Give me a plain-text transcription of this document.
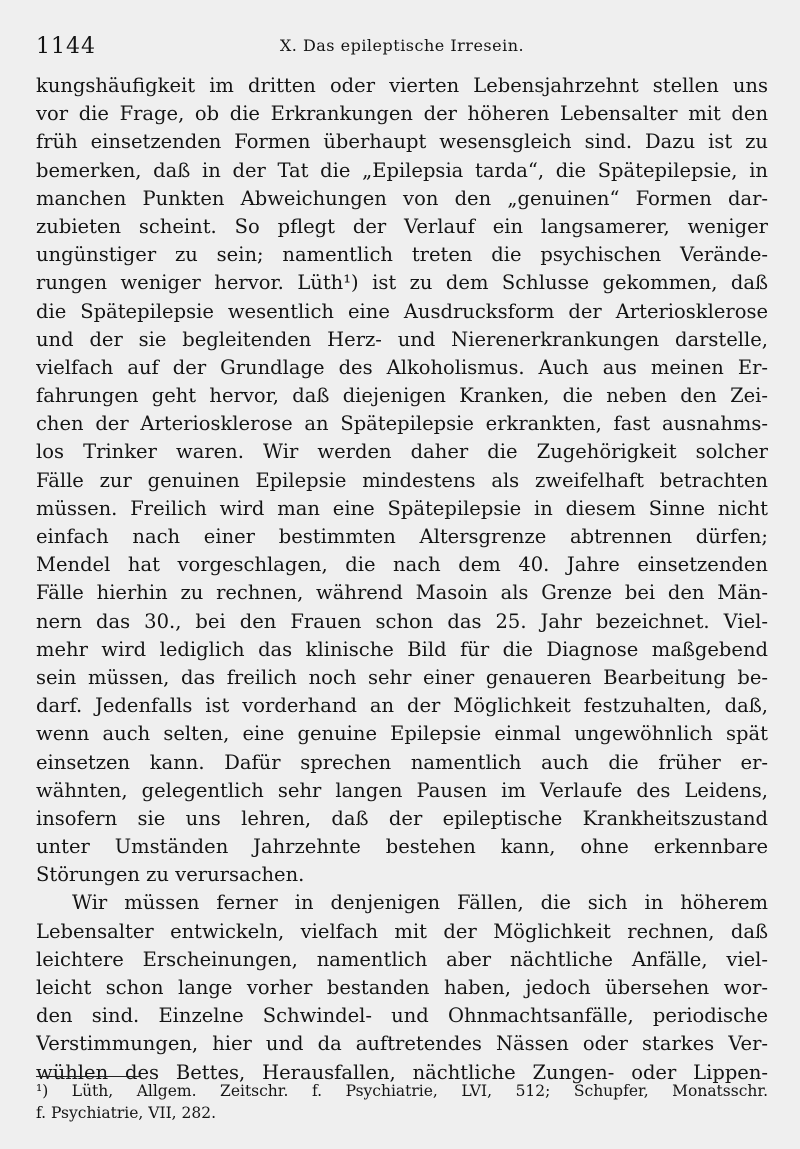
1144	X. Das epileptische Irresein.
kungshäufigkeit im dritten oder vierten Lebensjahrzehnt stellen uns
vor die Frage, ob die Erkrankungen der höheren Lebensalter mit den
früh einsetzenden Formen überhaupt wesensgleich sind. Dazu ist zu
bemerken, daß in der Tat die „Epilepsia tarda“, die Spätepilepsie, in
manchen Punkten Abweichungen von den „genuinen“ Formen dar-
zubieten scheint. So pflegt der Verlauf ein langsamerer, weniger
ungünstiger zu sein; namentlich treten die psychischen Verände-
rungen weniger hervor. Lüth¹) ist zu dem Schlusse gekommen, daß
die Spätepilepsie wesentlich eine Ausdrucksform der Arteriosklerose
und der sie begleitenden Herz- und Nierenerkrankungen darstelle,
vielfach auf der Grundlage des Alkoholismus. Auch aus meinen Er-
fahrungen geht hervor, daß diejenigen Kranken, die neben den Zei-
chen der Arteriosklerose an Spätepilepsie erkrankten, fast ausnahms-
los Trinker waren. Wir werden daher die Zugehörigkeit solcher
Fälle zur genuinen Epilepsie mindestens als zweifelhaft betrachten
müssen. Freilich wird man eine Spätepilepsie in diesem Sinne nicht
einfach nach einer bestimmten Altersgrenze abtrennen dürfen;
Mendel hat vorgeschlagen, die nach dem 40. Jahre einsetzenden
Fälle hierhin zu rechnen, während Masoin als Grenze bei den Män-
nern das 30., bei den Frauen schon das 25. Jahr bezeichnet. Viel-
mehr wird lediglich das klinische Bild für die Diagnose maßgebend
sein müssen, das freilich noch sehr einer genaueren Bearbeitung be-
darf. Jedenfalls ist vorderhand an der Möglichkeit festzuhalten, daß,
wenn auch selten, eine genuine Epilepsie einmal ungewöhnlich spät
einsetzen kann. Dafür sprechen namentlich auch die früher er-
wähnten, gelegentlich sehr langen Pausen im Verlaufe des Leidens,
insofern sie uns lehren, daß der epileptische Krankheitszustand
unter Umständen Jahrzehnte bestehen kann, ohne erkennbare
Störungen zu verursachen.
Wir müssen ferner in denjenigen Fällen, die sich in höherem
Lebensalter entwickeln, vielfach mit der Möglichkeit rechnen, daß
leichtere Erscheinungen, namentlich aber nächtliche Anfälle, viel-
leicht schon lange vorher bestanden haben, jedoch übersehen wor-
den sind. Einzelne Schwindel- und Ohnmachtsanfälle, periodische
Verstimmungen, hier und da auftretendes Nässen oder starkes Ver-
wühlen des Bettes, Herausfallen, nächtliche Zungen- oder Lippen-
¹) Lüth, Allgem. Zeitschr. f. Psychiatrie, LVI, 512; Schupfer, Monatsschr.
f. Psychiatrie, VII, 282.
